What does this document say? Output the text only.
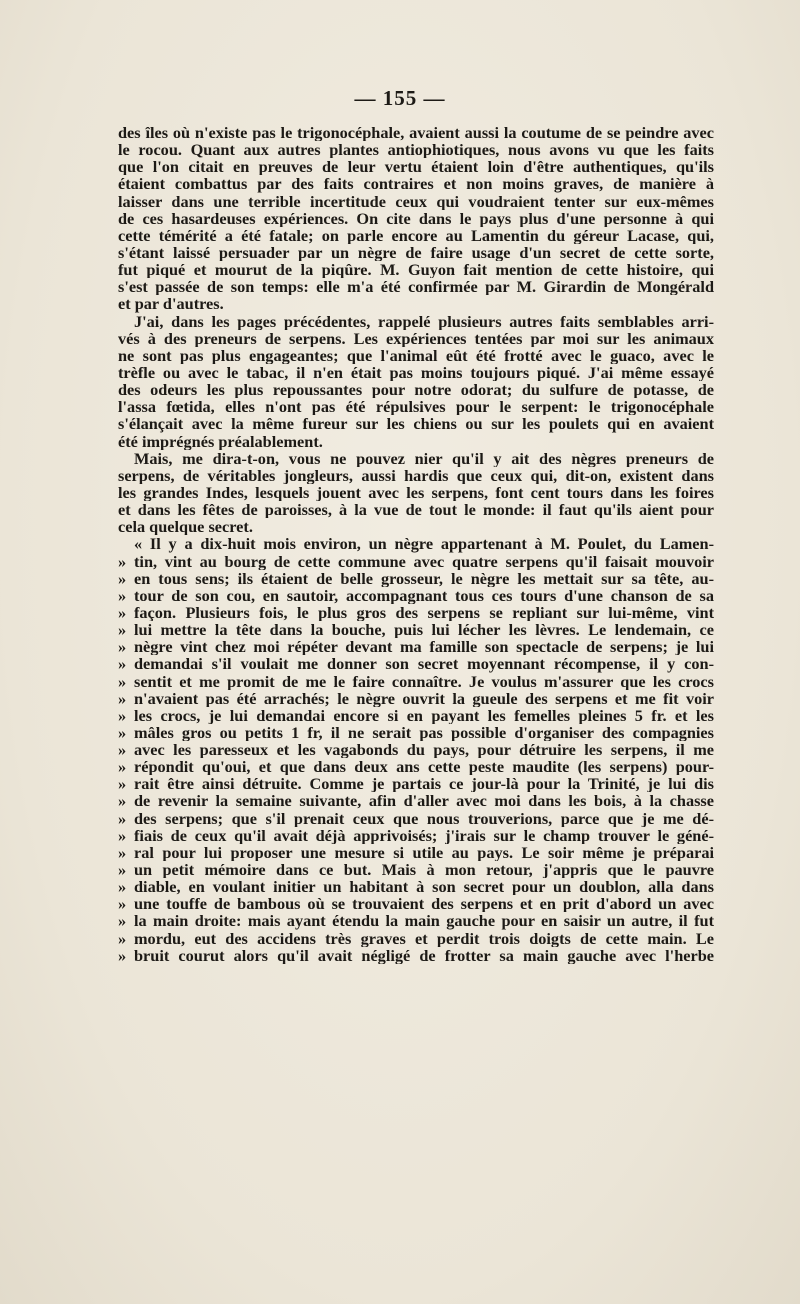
— 155 —
des îles où n'existe pas le trigonocéphale, avaient aussi la coutume de se peindre avec
le rocou. Quant aux autres plantes antiophiotiques, nous avons vu que les faits
que l'on citait en preuves de leur vertu étaient loin d'être authentiques, qu'ils
étaient combattus par des faits contraires et non moins graves, de manière à
laisser dans une terrible incertitude ceux qui voudraient tenter sur eux-mêmes
de ces hasardeuses expériences. On cite dans le pays plus d'une personne à qui
cette témérité a été fatale; on parle encore au Lamentin du géreur Lacase, qui,
s'étant laissé persuader par un nègre de faire usage d'un secret de cette sorte,
fut piqué et mourut de la piqûre. M. Guyon fait mention de cette histoire, qui
s'est passée de son temps: elle m'a été confirmée par M. Girardin de Mongérald
et par d'autres.
J'ai, dans les pages précédentes, rappelé plusieurs autres faits semblables arri-
vés à des preneurs de serpens. Les expériences tentées par moi sur les animaux
ne sont pas plus engageantes; que l'animal eût été frotté avec le guaco, avec le
trèfle ou avec le tabac, il n'en était pas moins toujours piqué. J'ai même essayé
des odeurs les plus repoussantes pour notre odorat; du sulfure de potasse, de
l'assa fœtida, elles n'ont pas été répulsives pour le serpent: le trigonocéphale
s'élançait avec la même fureur sur les chiens ou sur les poulets qui en avaient
été imprégnés préalablement.
Mais, me dira-t-on, vous ne pouvez nier qu'il y ait des nègres preneurs de
serpens, de véritables jongleurs, aussi hardis que ceux qui, dit-on, existent dans
les grandes Indes, lesquels jouent avec les serpens, font cent tours dans les foires
et dans les fêtes de paroisses, à la vue de tout le monde: il faut qu'ils aient pour
cela quelque secret.
« Il y a dix-huit mois environ, un nègre appartenant à M. Poulet, du Lamen-
» tin, vint au bourg de cette commune avec quatre serpens qu'il faisait mouvoir
» en tous sens; ils étaient de belle grosseur, le nègre les mettait sur sa tête, au-
» tour de son cou, en sautoir, accompagnant tous ces tours d'une chanson de sa
» façon. Plusieurs fois, le plus gros des serpens se repliant sur lui-même, vint
» lui mettre la tête dans la bouche, puis lui lécher les lèvres. Le lendemain, ce
» nègre vint chez moi répéter devant ma famille son spectacle de serpens; je lui
» demandai s'il voulait me donner son secret moyennant récompense, il y con-
» sentit et me promit de me le faire connaître. Je voulus m'assurer que les crocs
» n'avaient pas été arrachés; le nègre ouvrit la gueule des serpens et me fit voir
» les crocs, je lui demandai encore si en payant les femelles pleines 5 fr. et les
» mâles gros ou petits 1 fr, il ne serait pas possible d'organiser des compagnies
» avec les paresseux et les vagabonds du pays, pour détruire les serpens, il me
» répondit qu'oui, et que dans deux ans cette peste maudite (les serpens) pour-
» rait être ainsi détruite. Comme je partais ce jour-là pour la Trinité, je lui dis
» de revenir la semaine suivante, afin d'aller avec moi dans les bois, à la chasse
» des serpens; que s'il prenait ceux que nous trouverions, parce que je me dé-
» fiais de ceux qu'il avait déjà apprivoisés; j'irais sur le champ trouver le géné-
» ral pour lui proposer une mesure si utile au pays. Le soir même je préparai
» un petit mémoire dans ce but. Mais à mon retour, j'appris que le pauvre
» diable, en voulant initier un habitant à son secret pour un doublon, alla dans
» une touffe de bambous où se trouvaient des serpens et en prit d'abord un avec
» la main droite: mais ayant étendu la main gauche pour en saisir un autre, il fut
» mordu, eut des accidens très graves et perdit trois doigts de cette main. Le
» bruit courut alors qu'il avait négligé de frotter sa main gauche avec l'herbe
